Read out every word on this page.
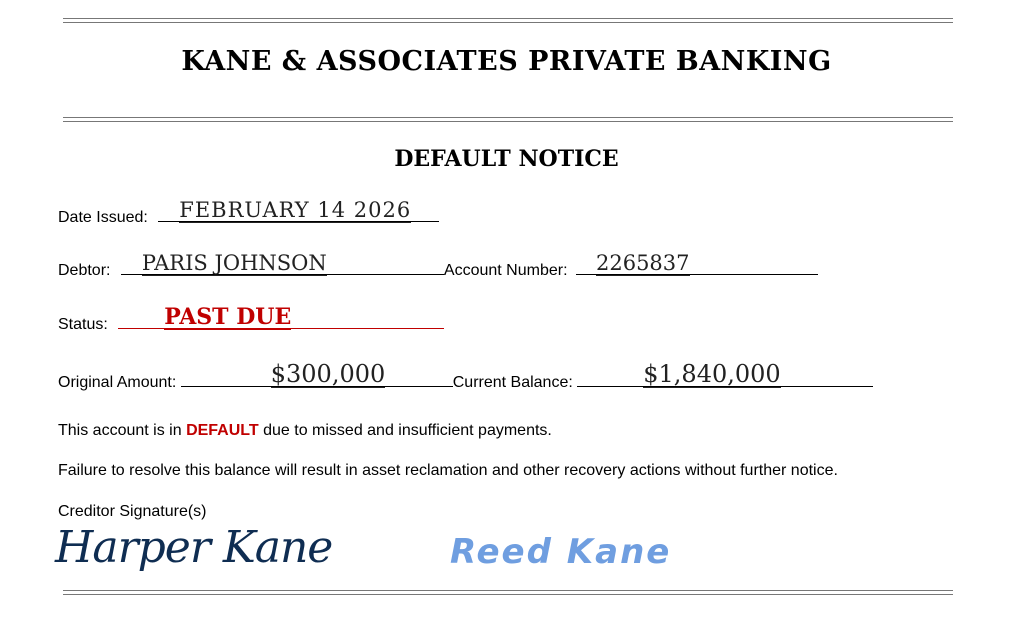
KANE & ASSOCIATES PRIVATE BANKING
DEFAULT NOTICE
Date Issued: FEBRUARY 14 2026
Debtor: PARIS JOHNSON	Account Number: 2265837
Status:	PAST DUE
Original Amount:	$300,000	Current Balance:	$1,840,000
This account is in DEFAULT due to missed and insufficient payments.
Failure to resolve this balance will result in asset reclamation and other recovery actions without further notice.
Creditor Signature(s)
Harper Kane	Reed Kane
